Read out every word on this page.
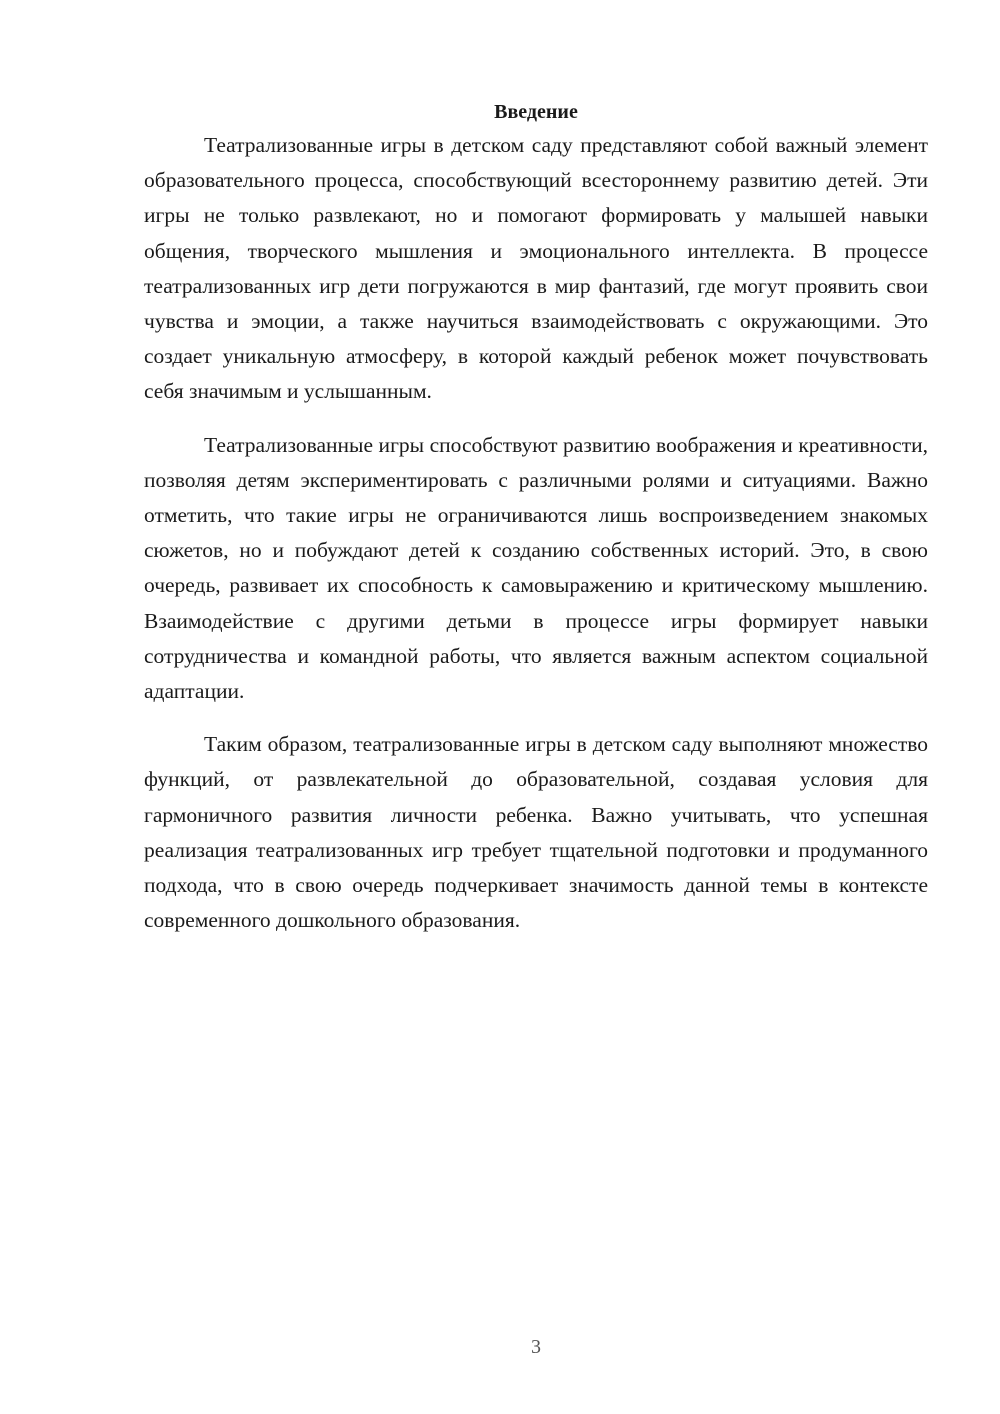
Введение

Театрализованные игры в детском саду представляют собой важный элемент образовательного процесса, способствующий всестороннему развитию детей. Эти игры не только развлекают, но и помогают формировать у малышей навыки общения, творческого мышления и эмоционального интеллекта. В процессе театрализованных игр дети погружаются в мир фантазий, где могут проявить свои чувства и эмоции, а также научиться взаимодействовать с окружающими. Это создает уникальную атмосферу, в которой каждый ребенок может почувствовать себя значимым и услышанным.

Театрализованные игры способствуют развитию воображения и креативности, позволяя детям экспериментировать с различными ролями и ситуациями. Важно отметить, что такие игры не ограничиваются лишь воспроизведением знакомых сюжетов, но и побуждают детей к созданию собственных историй. Это, в свою очередь, развивает их способность к самовыражению и критическому мышлению. Взаимодействие с другими детьми в процессе игры формирует навыки сотрудничества и командной работы, что является важным аспектом социальной адаптации.

Таким образом, театрализованные игры в детском саду выполняют множество функций, от развлекательной до образовательной, создавая условия для гармоничного развития личности ребенка. Важно учитывать, что успешная реализация театрализованных игр требует тщательной подготовки и продуманного подхода, что в свою очередь подчеркивает значимость данной темы в контексте современного дошкольного образования.

3
